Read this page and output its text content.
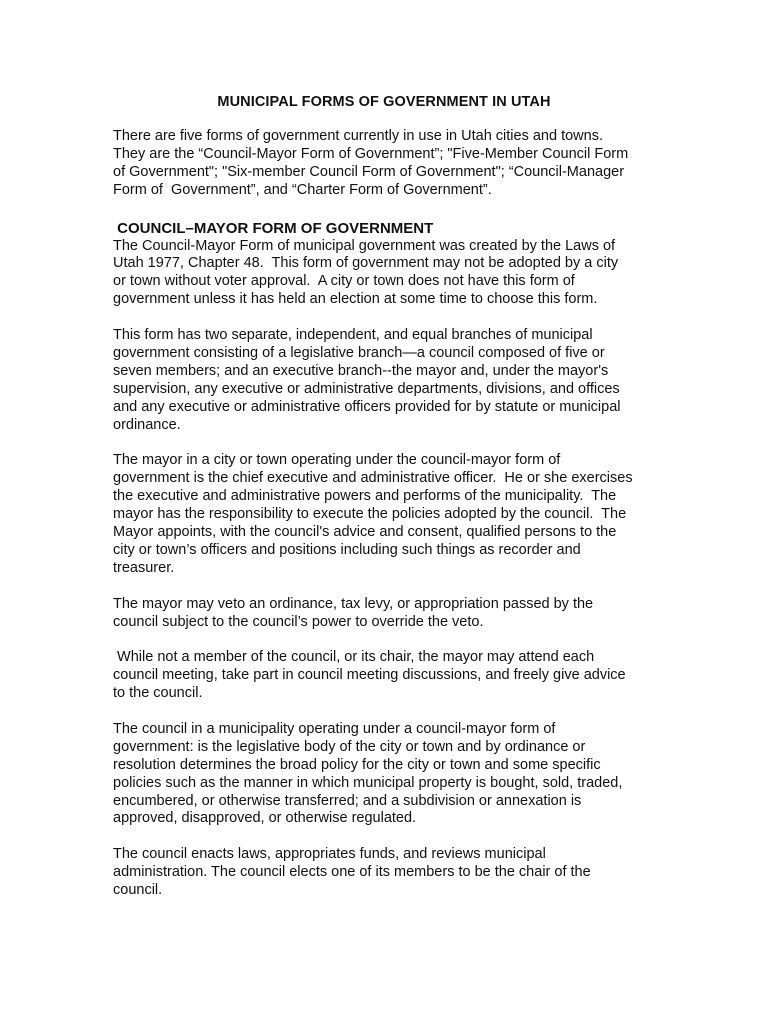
MUNICIPAL FORMS OF GOVERNMENT IN UTAH
There are five forms of government currently in use in Utah cities and towns.
They are the “Council-Mayor Form of Government”; "Five-Member Council Form
of Government"; "Six-member Council Form of Government"; “Council-Manager
Form of  Government”, and “Charter Form of Government”.
COUNCIL–MAYOR FORM OF GOVERNMENT
The Council-Mayor Form of municipal government was created by the Laws of
Utah 1977, Chapter 48.  This form of government may not be adopted by a city
or town without voter approval.  A city or town does not have this form of
government unless it has held an election at some time to choose this form.
This form has two separate, independent, and equal branches of municipal
government consisting of a legislative branch—a council composed of five or
seven members; and an executive branch--the mayor and, under the mayor's
supervision, any executive or administrative departments, divisions, and offices
and any executive or administrative officers provided for by statute or municipal
ordinance.
The mayor in a city or town operating under the council-mayor form of
government is the chief executive and administrative officer.  He or she exercises
the executive and administrative powers and performs of the municipality.  The
mayor has the responsibility to execute the policies adopted by the council.  The
Mayor appoints, with the council's advice and consent, qualified persons to the
city or town’s officers and positions including such things as recorder and
treasurer.
The mayor may veto an ordinance, tax levy, or appropriation passed by the
council subject to the council’s power to override the veto.
While not a member of the council, or its chair, the mayor may attend each
council meeting, take part in council meeting discussions, and freely give advice
to the council.
The council in a municipality operating under a council-mayor form of
government: is the legislative body of the city or town and by ordinance or
resolution determines the broad policy for the city or town and some specific
policies such as the manner in which municipal property is bought, sold, traded,
encumbered, or otherwise transferred; and a subdivision or annexation is
approved, disapproved, or otherwise regulated.
The council enacts laws, appropriates funds, and reviews municipal
administration. The council elects one of its members to be the chair of the
council.
